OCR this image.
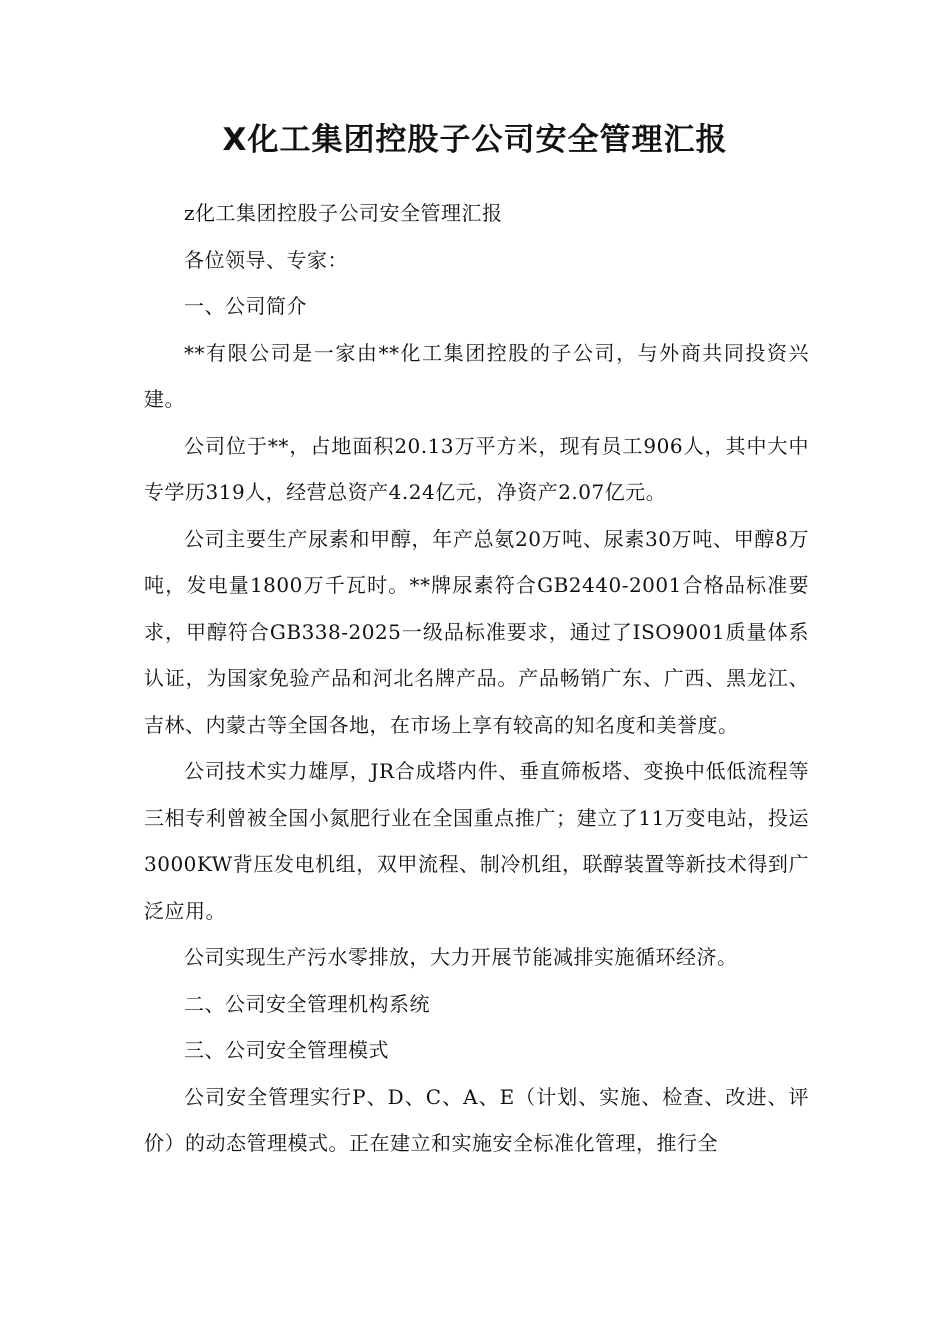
X化工集团控股子公司安全管理汇报

z化工集团控股子公司安全管理汇报

各位领导、专家：

一、公司简介

**有限公司是一家由**化工集团控股的子公司，与外商共同投资兴建。

公司位于**，占地面积20.13万平方米，现有员工906人，其中大中专学历319人，经营总资产4.24亿元，净资产2.07亿元。

公司主要生产尿素和甲醇，年产总氨20万吨、尿素30万吨、甲醇8万吨，发电量1800万千瓦时。**牌尿素符合GB2440-2001合格品标准要求，甲醇符合GB338-2025一级品标准要求，通过了ISO9001质量体系认证，为国家免验产品和河北名牌产品。产品畅销广东、广西、黑龙江、吉林、内蒙古等全国各地，在市场上享有较高的知名度和美誉度。

公司技术实力雄厚，JR合成塔内件、垂直筛板塔、变换中低低流程等三相专利曾被全国小氮肥行业在全国重点推广；建立了11万变电站，投运3000KW背压发电机组，双甲流程、制冷机组，联醇装置等新技术得到广泛应用。

公司实现生产污水零排放，大力开展节能减排实施循环经济。

二、公司安全管理机构系统

三、公司安全管理模式

公司安全管理实行P、D、C、A、E（计划、实施、检查、改进、评价）的动态管理模式。正在建立和实施安全标准化管理，推行全
